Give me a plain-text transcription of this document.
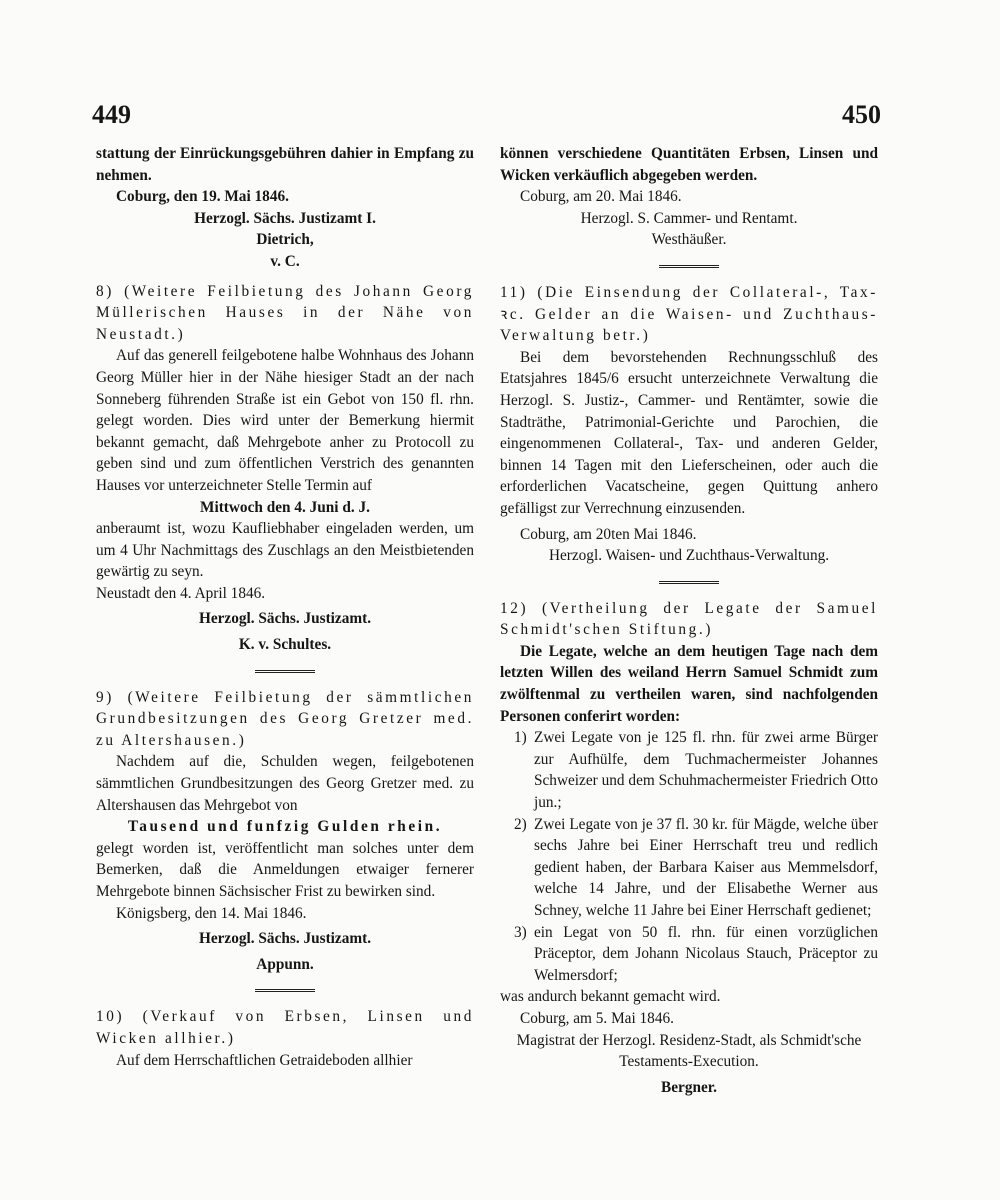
449	450

stattung der Einrückungsgebühren dahier in Empfang zu nehmen.

Coburg, den 19. Mai 1846.

Herzogl. Sächs. Justizamt I.
Dietrich,
v. C.

8) (Weitere Feilbietung des Johann Georg Müllerischen Hauses in der Nähe von Neustadt.)

Auf das generell feilgebotene halbe Wohnhaus des Johann Georg Müller hier in der Nähe hiesiger Stadt an der nach Sonneberg führenden Straße ist ein Gebot von 150 fl. rhn. gelegt worden. Dies wird unter der Bemerkung hiermit bekannt gemacht, daß Mehrgebote anher zu Protocoll zu geben sind und zum öffentlichen Verstrich des genannten Hauses vor unterzeichneter Stelle Termin auf

Mittwoch den 4. Juni d. J.

anberaumt ist, wozu Kaufliebhaber eingeladen werden, um um 4 Uhr Nachmittags des Zuschlags an den Meistbietenden gewärtig zu seyn.

Neustadt den 4. April 1846.

Herzogl. Sächs. Justizamt.
K. v. Schultes.

9) (Weitere Feilbietung der sämmtlichen Grundbesitzungen des Georg Gretzer med. zu Altershausen.)

Nachdem auf die, Schulden wegen, feilgebotenen sämmtlichen Grundbesitzungen des Georg Gretzer med. zu Altershausen das Mehrgebot von

Tausend und funfzig Gulden rhein.

gelegt worden ist, veröffentlicht man solches unter dem Bemerken, daß die Anmeldungen etwaiger fernerer Mehrgebote binnen Sächsischer Frist zu bewirken sind.

Königsberg, den 14. Mai 1846.

Herzogl. Sächs. Justizamt.
Appunn.

10) (Verkauf von Erbsen, Linsen und Wicken allhier.)

Auf dem Herrschaftlichen Getraideboden allhier

können verschiedene Quantitäten Erbsen, Linsen und Wicken verkäuflich abgegeben werden.

Coburg, am 20. Mai 1846.

Herzogl. S. Cammer- und Rentamt.
Westhäußer.

11) (Die Einsendung der Collateral-, Tax- ꝛc. Gelder an die Waisen- und Zuchthaus-Verwaltung betr.)

Bei dem bevorstehenden Rechnungsschluß des Etatsjahres 1845/6 ersucht unterzeichnete Verwaltung die Herzogl. S. Justiz-, Cammer- und Rentämter, sowie die Stadträthe, Patrimonial-Gerichte und Parochien, die eingenommenen Collateral-, Tax- und anderen Gelder, binnen 14 Tagen mit den Lieferscheinen, oder auch die erforderlichen Vacatscheine, gegen Quittung anhero gefälligst zur Verrechnung einzusenden.

Coburg, am 20ten Mai 1846.

Herzogl. Waisen- und Zuchthaus-Verwaltung.

12) (Vertheilung der Legate der Samuel Schmidt'schen Stiftung.)

Die Legate, welche an dem heutigen Tage nach dem letzten Willen des weiland Herrn Samuel Schmidt zum zwölftenmal zu vertheilen waren, sind nachfolgenden Personen conferirt worden:

1) Zwei Legate von je 125 fl. rhn. für zwei arme Bürger zur Aufhülfe, dem Tuchmachermeister Johannes Schweizer und dem Schuhmachermeister Friedrich Otto jun.;
2) Zwei Legate von je 37 fl. 30 kr. für Mägde, welche über sechs Jahre bei Einer Herrschaft treu und redlich gedient haben, der Barbara Kaiser aus Memmelsdorf, welche 14 Jahre, und der Elisabethe Werner aus Schney, welche 11 Jahre bei Einer Herrschaft gedienet;
3) ein Legat von 50 fl. rhn. für einen vorzüglichen Präceptor, dem Johann Nicolaus Stauch, Präceptor zu Welmersdorf;

was andurch bekannt gemacht wird.

Coburg, am 5. Mai 1846.

Magistrat der Herzogl. Residenz-Stadt, als Schmidt'sche Testaments-Execution.
Bergner.
